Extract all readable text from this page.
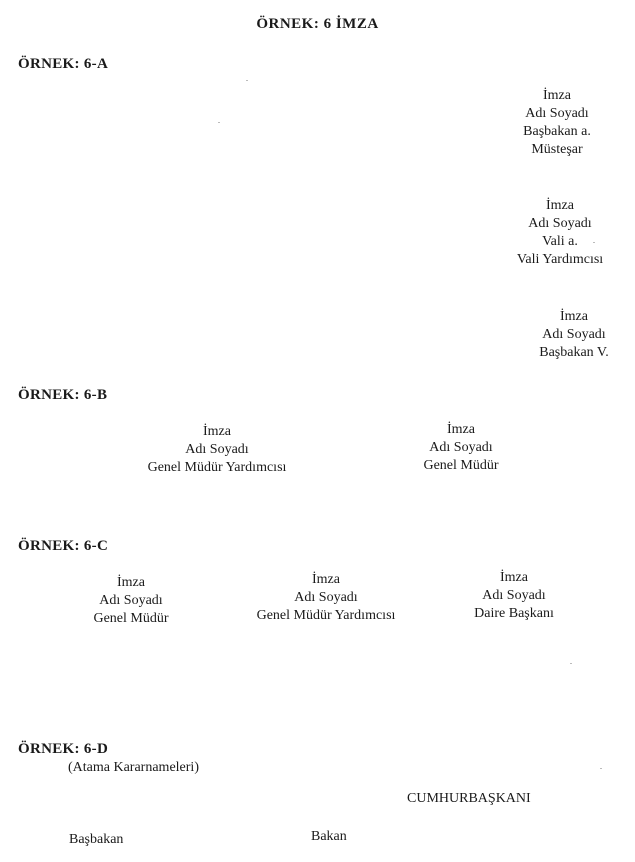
ÖRNEK: 6 İMZA
ÖRNEK: 6-A
İmza
Adı Soyadı
Başbakan a.
Müsteşar
İmza
Adı Soyadı
Vali a.
Vali Yardımcısı
İmza
Adı Soyadı
Başbakan V.
ÖRNEK: 6-B
İmza
Adı Soyadı
Genel Müdür Yardımcısı
İmza
Adı Soyadı
Genel Müdür
ÖRNEK: 6-C
İmza
Adı Soyadı
Genel Müdür
İmza
Adı Soyadı
Genel Müdür Yardımcısı
İmza
Adı Soyadı
Daire Başkanı
ÖRNEK: 6-D
(Atama Kararnameleri)
CUMHURBAŞKANI
Başbakan	Bakan
